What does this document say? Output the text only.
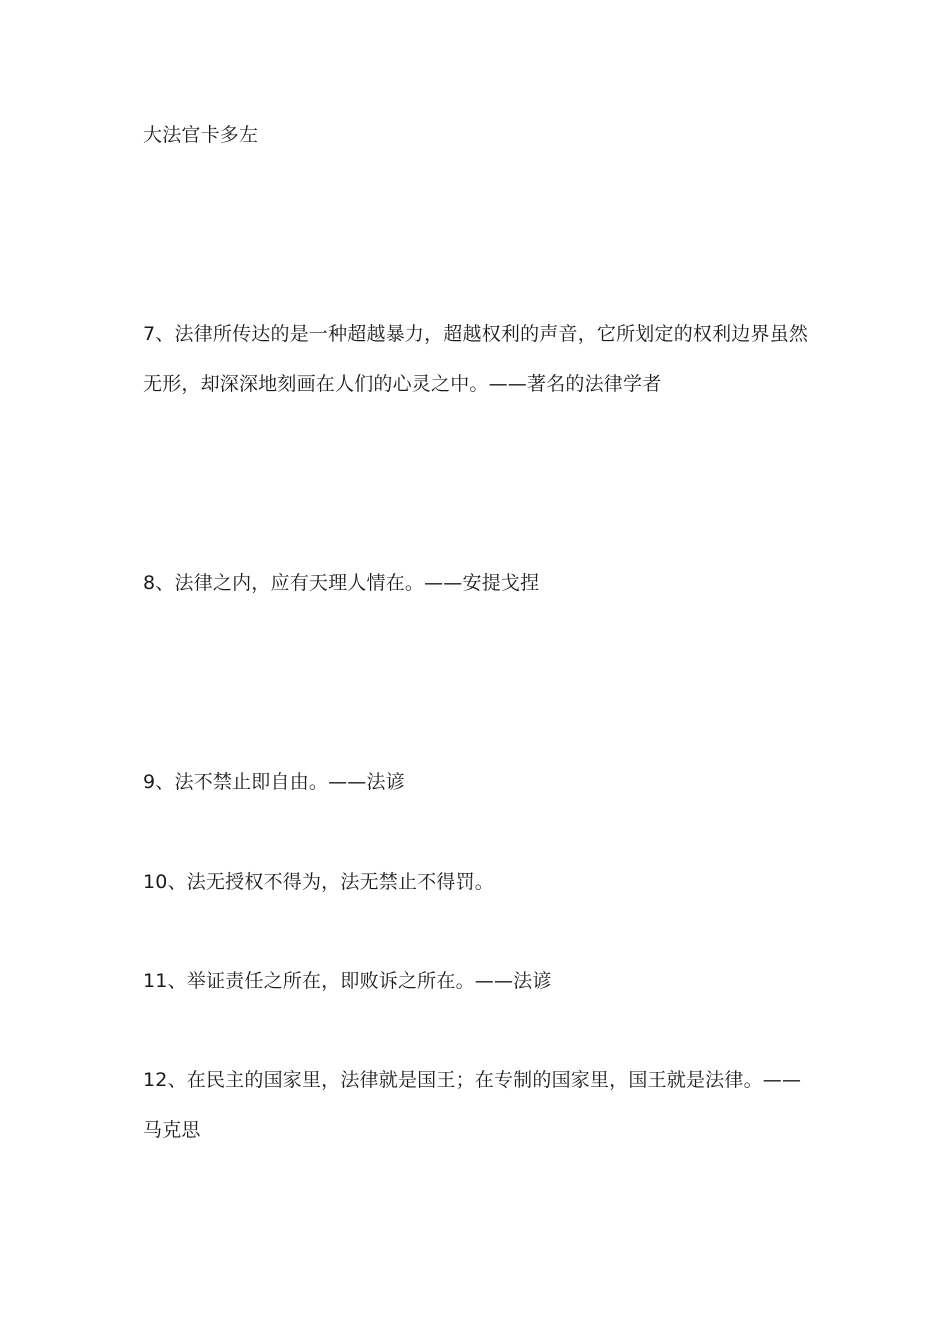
大法官卡多左
7、法律所传达的是一种超越暴力，超越权利的声音，它所划定的权利边界虽然无形，却深深地刻画在人们的心灵之中。——著名的法律学者
8、法律之内，应有天理人情在。——安提戈捏
9、法不禁止即自由。——法谚
10、法无授权不得为，法无禁止不得罚。
11、举证责任之所在，即败诉之所在。——法谚
12、在民主的国家里，法律就是国王；在专制的国家里，国王就是法律。——马克思
